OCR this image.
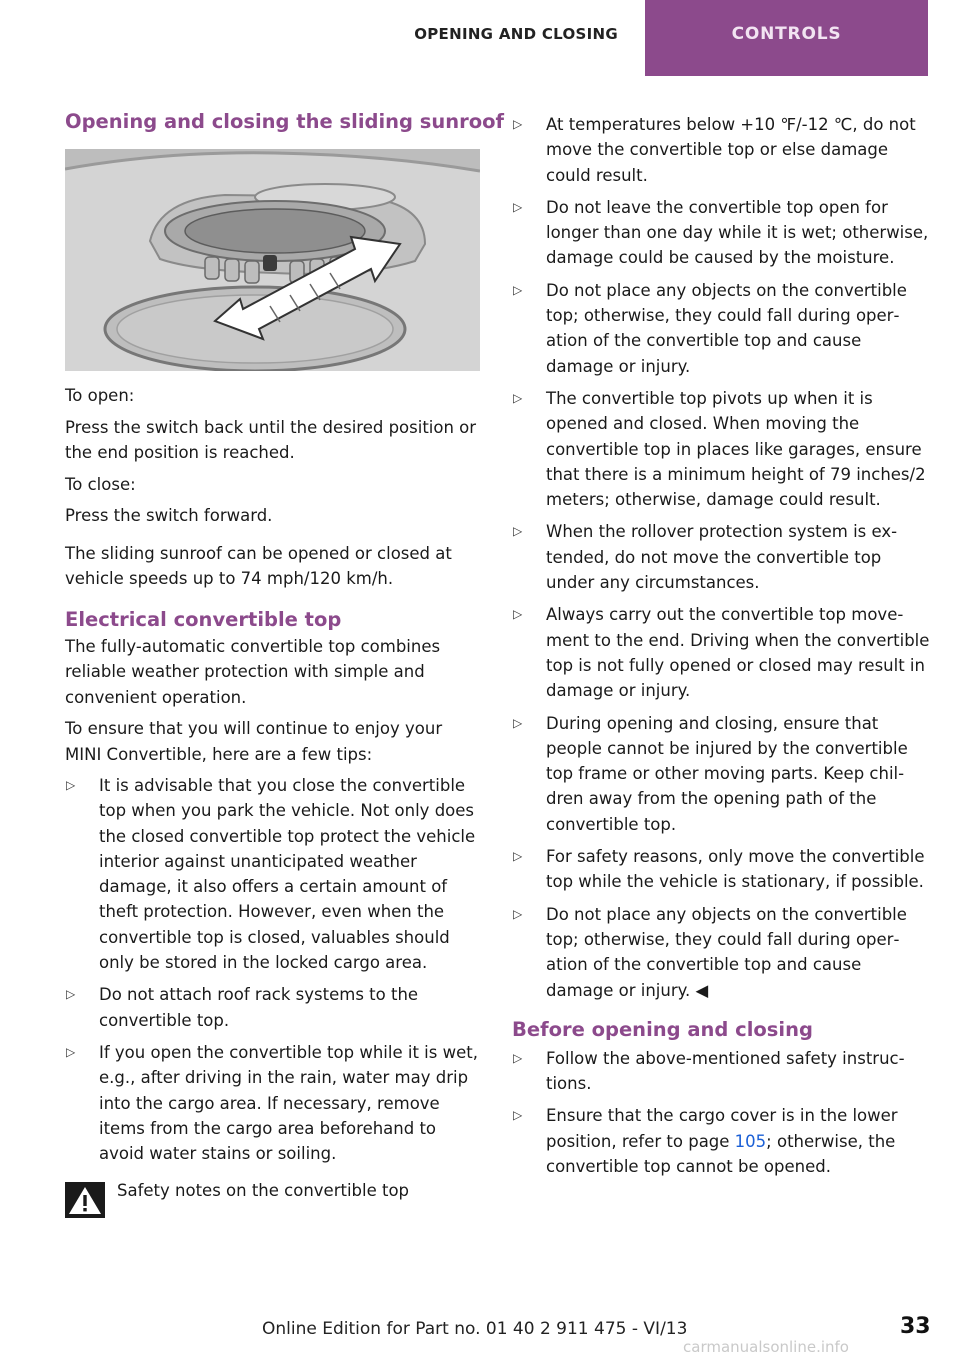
OPENING AND CLOSING	CONTROLS
Opening and closing the sliding sunroof

To open:

Press the switch back until the desired position or the end position is reached.

To close:

Press the switch forward.

The sliding sunroof can be opened or closed at vehicle speeds up to 74 mph/120 km/h.

Electrical convertible top

The fully-automatic convertible top combines reliable weather protection with simple and convenient operation.

To ensure that you will continue to enjoy your MINI Convertible, here are a few tips:

▷ It is advisable that you close the convertible top when you park the vehicle. Not only does the closed convertible top protect the vehicle interior against unanticipated weather damage, it also offers a certain amount of theft protection. However, even when the convertible top is closed, valuables should only be stored in the locked cargo area.
▷ Do not attach roof rack systems to the convertible top.
▷ If you open the convertible top while it is wet, e.g., after driving in the rain, water may drip into the cargo area. If necessary, remove items from the cargo area beforehand to avoid water stains or soiling.

Safety notes on the convertible top

▷ At temperatures below +10 ℉/-12 ℃, do not move the convertible top or else damage could result.
▷ Do not leave the convertible top open for longer than one day while it is wet; otherwise, damage could be caused by the moisture.
▷ Do not place any objects on the convertible top; otherwise, they could fall during operation of the convertible top and cause damage or injury.
▷ The convertible top pivots up when it is opened and closed. When moving the convertible top in places like garages, ensure that there is a minimum height of 79 inches/2 meters; otherwise, damage could result.
▷ When the rollover protection system is extended, do not move the convertible top under any circumstances.
▷ Always carry out the convertible top movement to the end. Driving when the convertible top is not fully opened or closed may result in damage or injury.
▷ During opening and closing, ensure that people cannot be injured by the convertible top frame or other moving parts. Keep children away from the opening path of the convertible top.
▷ For safety reasons, only move the convertible top while the vehicle is stationary, if possible.
▷ Do not place any objects on the convertible top; otherwise, they could fall during operation of the convertible top and cause damage or injury. ◀
Before opening and closing
▷ Follow the above-mentioned safety instructions.
▷ Ensure that the cargo cover is in the lower position, refer to page 105; otherwise, the convertible top cannot be opened.
Online Edition for Part no. 01 40 2 911 475 - VI/13	33
carmanualsonline.info
